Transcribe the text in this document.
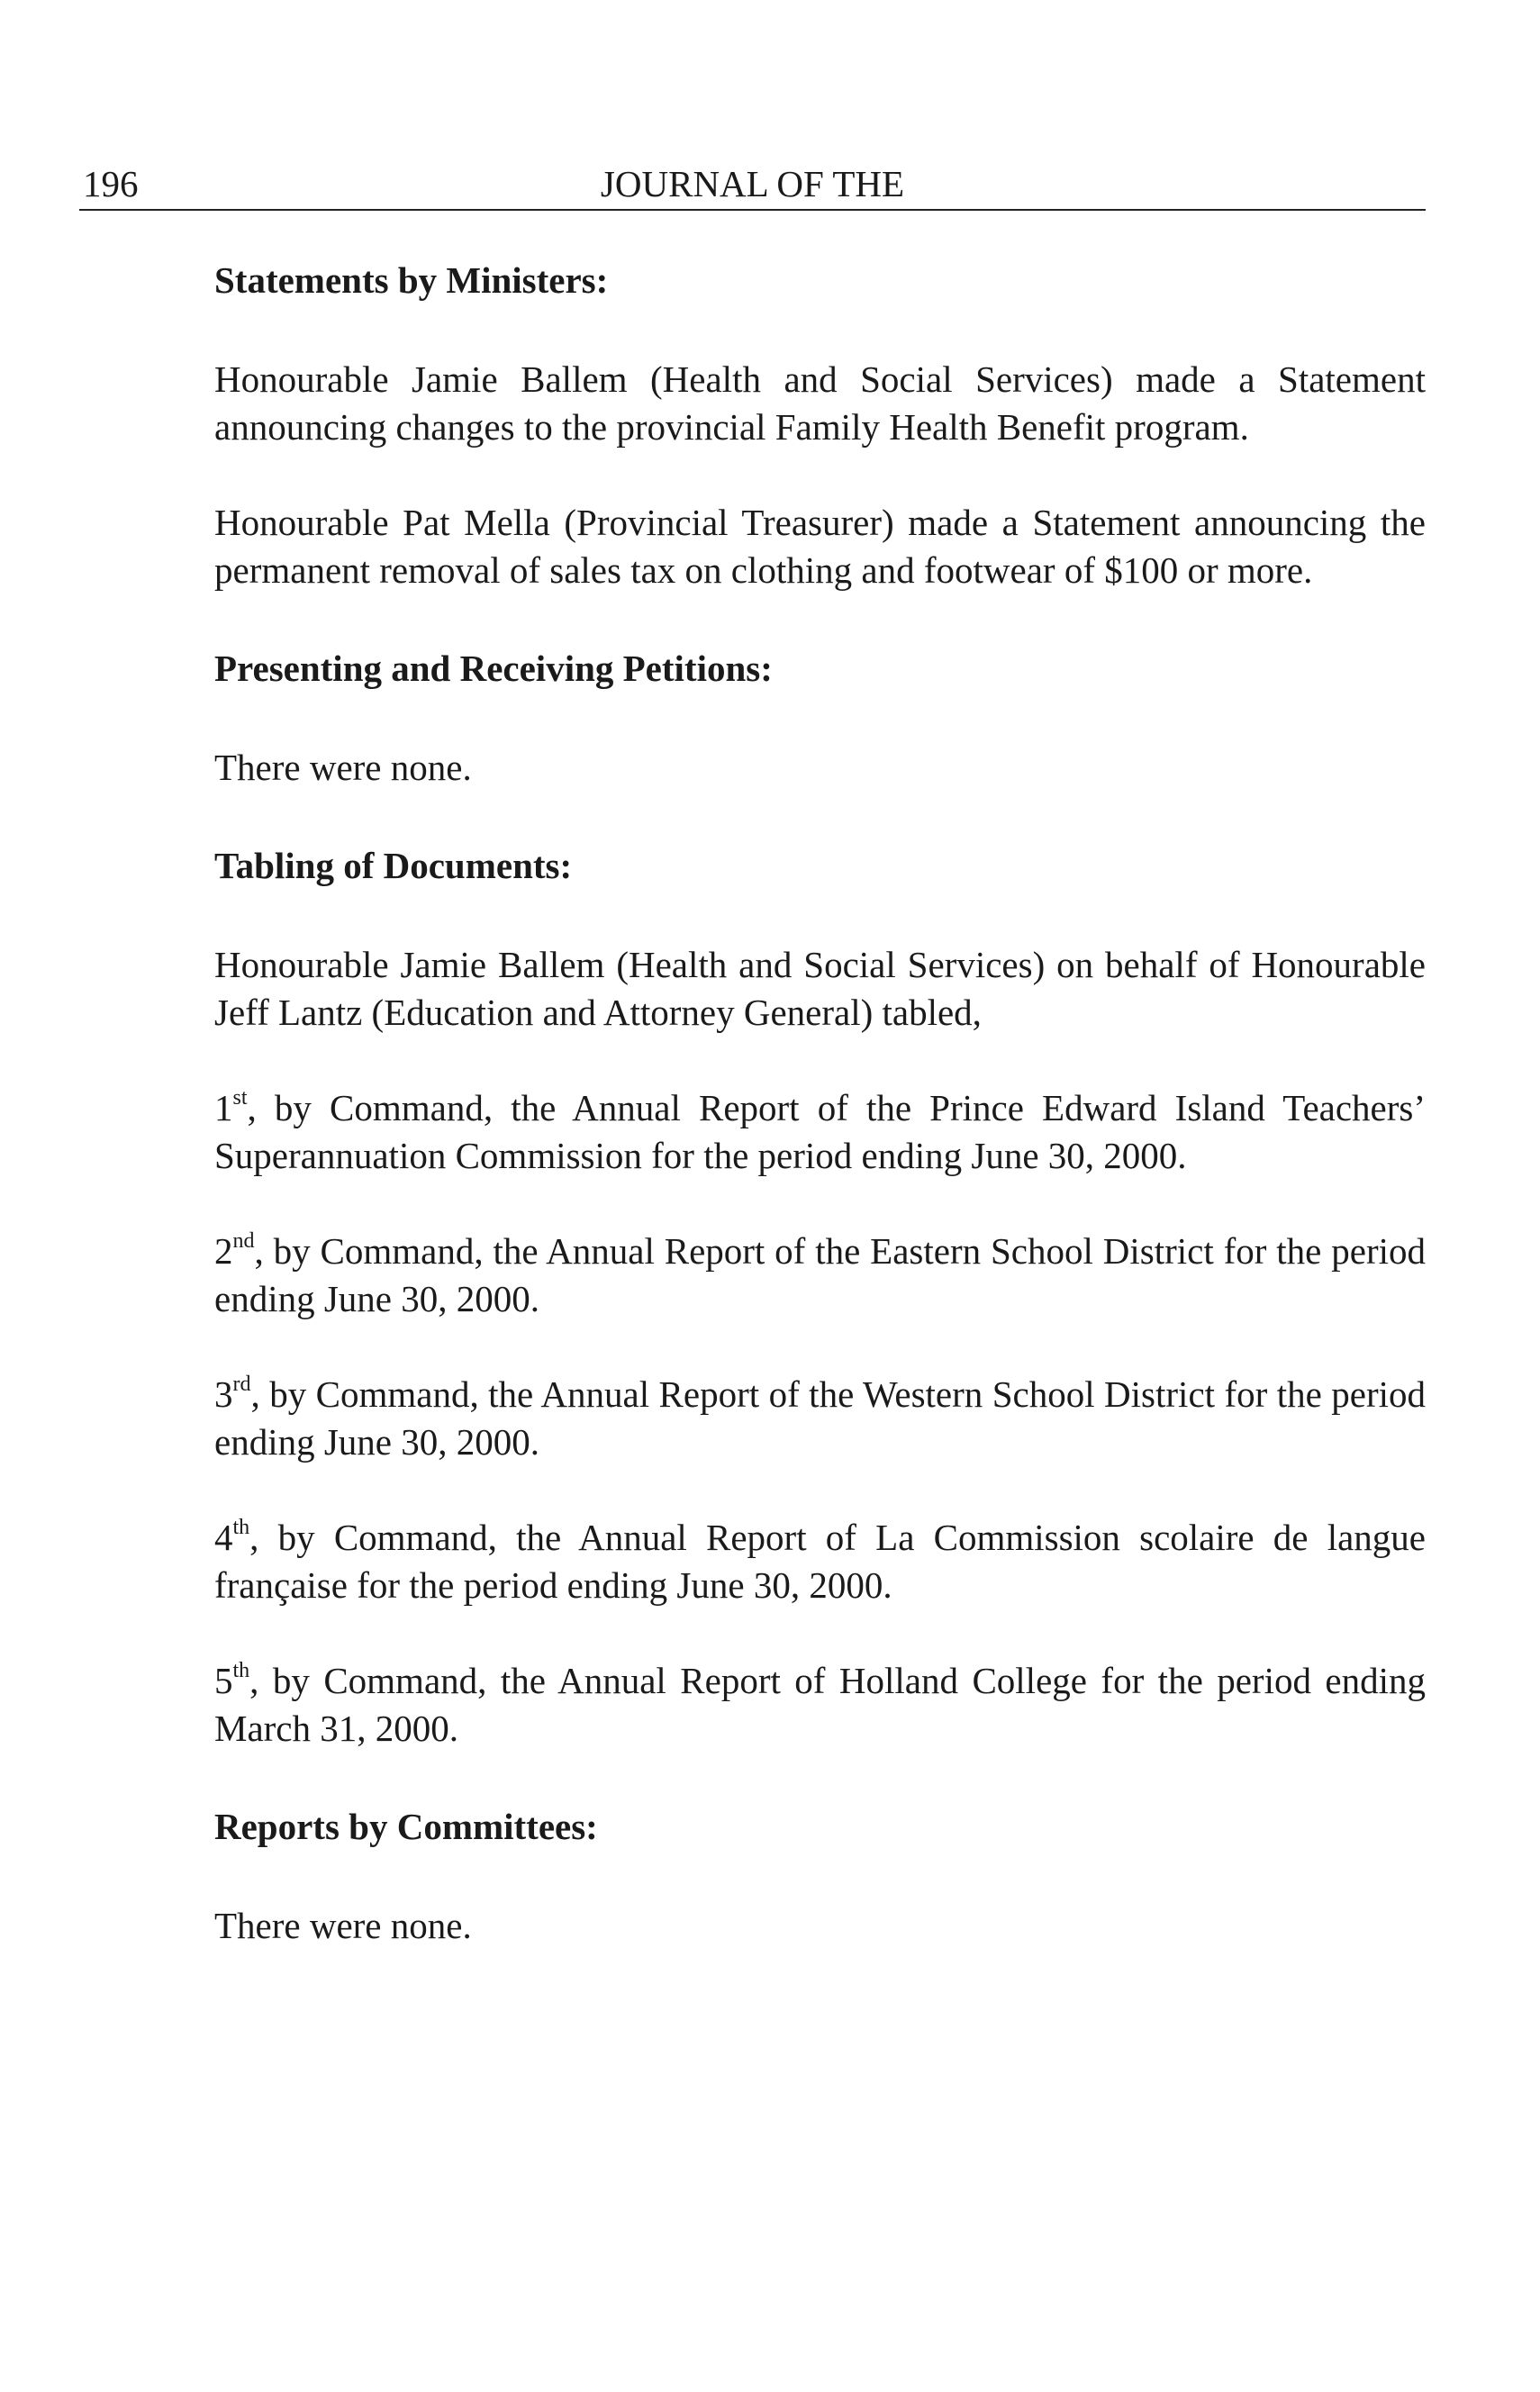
196	JOURNAL OF THE
Statements by Ministers:

Honourable Jamie Ballem (Health and Social Services) made a Statement announcing changes to the provincial Family Health Benefit program.

Honourable Pat Mella (Provincial Treasurer) made a Statement announcing the permanent removal of sales tax on clothing and footwear of $100 or more.

Presenting and Receiving Petitions:

There were none.

Tabling of Documents:

Honourable Jamie Ballem (Health and Social Services) on behalf of Honourable Jeff Lantz (Education and Attorney General) tabled,

1st, by Command, the Annual Report of the Prince Edward Island Teachers’ Superannuation Commission for the period ending June 30, 2000.

2nd, by Command, the Annual Report of the Eastern School District for the period ending June 30, 2000.

3rd, by Command, the Annual Report of the Western School District for the period ending June 30, 2000.

4th, by Command, the Annual Report of La Commission scolaire de langue française for the period ending June 30, 2000.

5th, by Command, the Annual Report of Holland College for the period ending March 31, 2000.

Reports by Committees:

There were none.
